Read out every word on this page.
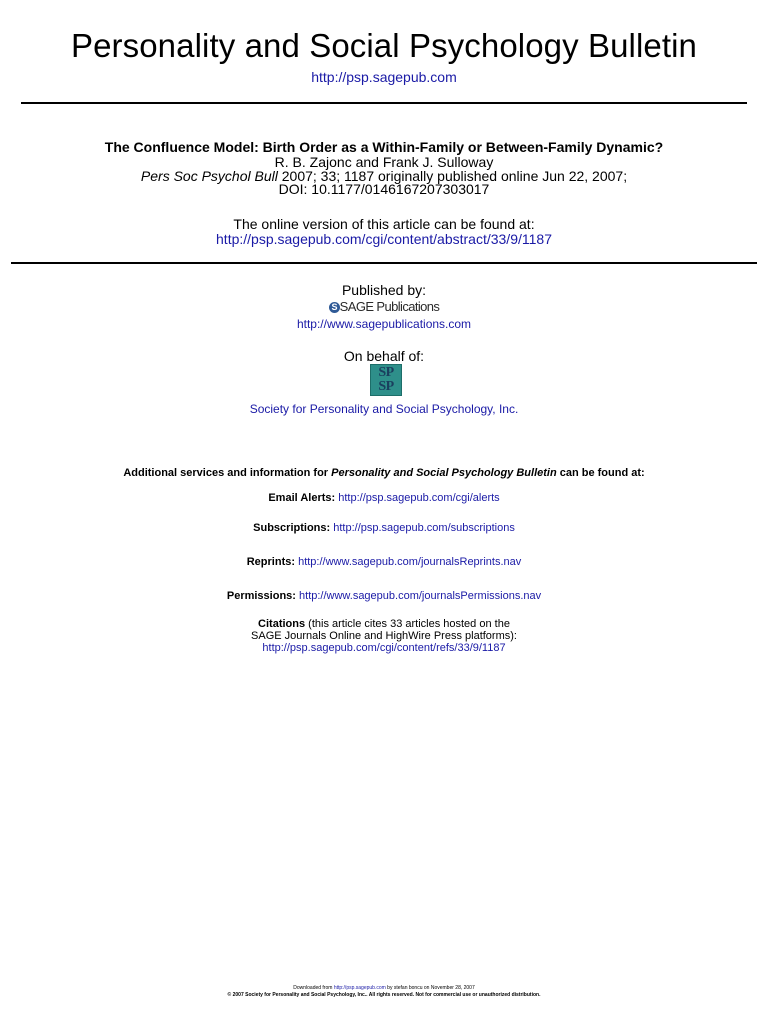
Personality and Social Psychology Bulletin
http://psp.sagepub.com
The Confluence Model: Birth Order as a Within-Family or Between-Family Dynamic?
R. B. Zajonc and Frank J. Sulloway
Pers Soc Psychol Bull 2007; 33; 1187 originally published online Jun 22, 2007;
DOI: 10.1177/0146167207303017
The online version of this article can be found at:
http://psp.sagepub.com/cgi/content/abstract/33/9/1187
Published by:
S SAGE Publications
http://www.sagepublications.com
On behalf of:
SP
SP
Society for Personality and Social Psychology, Inc.
Additional services and information for Personality and Social Psychology Bulletin can be found at:
Email Alerts: http://psp.sagepub.com/cgi/alerts
Subscriptions: http://psp.sagepub.com/subscriptions
Reprints: http://www.sagepub.com/journalsReprints.nav
Permissions: http://www.sagepub.com/journalsPermissions.nav
Citations (this article cites 33 articles hosted on the
SAGE Journals Online and HighWire Press platforms):
http://psp.sagepub.com/cgi/content/refs/33/9/1187
Downloaded from http://psp.sagepub.com by stefan boncu on November 28, 2007
© 2007 Society for Personality and Social Psychology, Inc.. All rights reserved. Not for commercial use or unauthorized distribution.
